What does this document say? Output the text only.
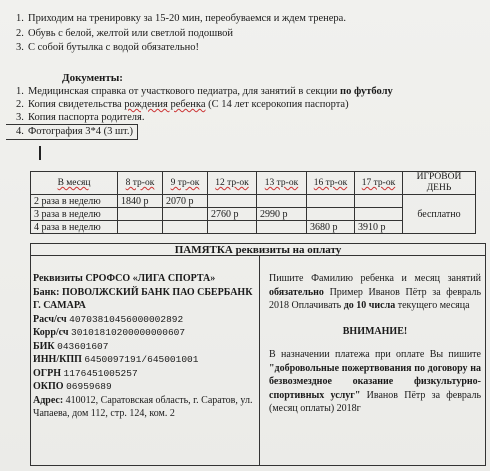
1. Приходим на тренировку за 15-20 мин, переобуваемся и ждем тренера.
2. Обувь с белой, желтой или светлой подошвой
3. С собой бутылка с водой обязательно!
Документы:
1. Медицинская справка от участкового педиатра, для занятий в секции по футболу
2. Копия свидетельства рождения ребенка (С 14 лет ксерокопия паспорта)
3. Копия паспорта родителя.
4. Фотография 3*4 (3 шт.)
В месяц	8 тр-ок	9 тр-ок	12 тр-ок	13 тр-ок	16 тр-ок	17 тр-ок	ИГРОВОЙ ДЕНЬ
2 раза в неделю	1840 р	2070 р					бесплатно
3 раза в неделю			2760 р	2990 р			
4 раза в неделю					3680 р	3910 р	
ПАМЯТКА реквизиты на оплату
Реквизиты СРОФСО «ЛИГА СПОРТА»
Банк: ПОВОЛЖСКИЙ БАНК ПАО СБЕРБАНК Г. САМАРА
Расч/сч 40703810456000002892
Корр/сч 30101810200000000607
БИК 043601607
ИНН/КПП 6450097191/645001001
ОГРН 1176451005257
ОКПО 06959689
Адрес: 410012, Саратовская область, г. Саратов, ул. Чапаева, дом 112, стр. 124, ком. 2
Пишите Фамилию ребенка и месяц занятий обязательно Пример Иванов Пётр за февраль 2018 Оплачивать до 10 числа текущего месяца
ВНИМАНИЕ!
В назначении платежа при оплате Вы пишите "добровольные пожертвования по договору на безвозмездное оказание физкультурно-спортивных услуг" Иванов Пётр за февраль (месяц оплаты) 2018г
